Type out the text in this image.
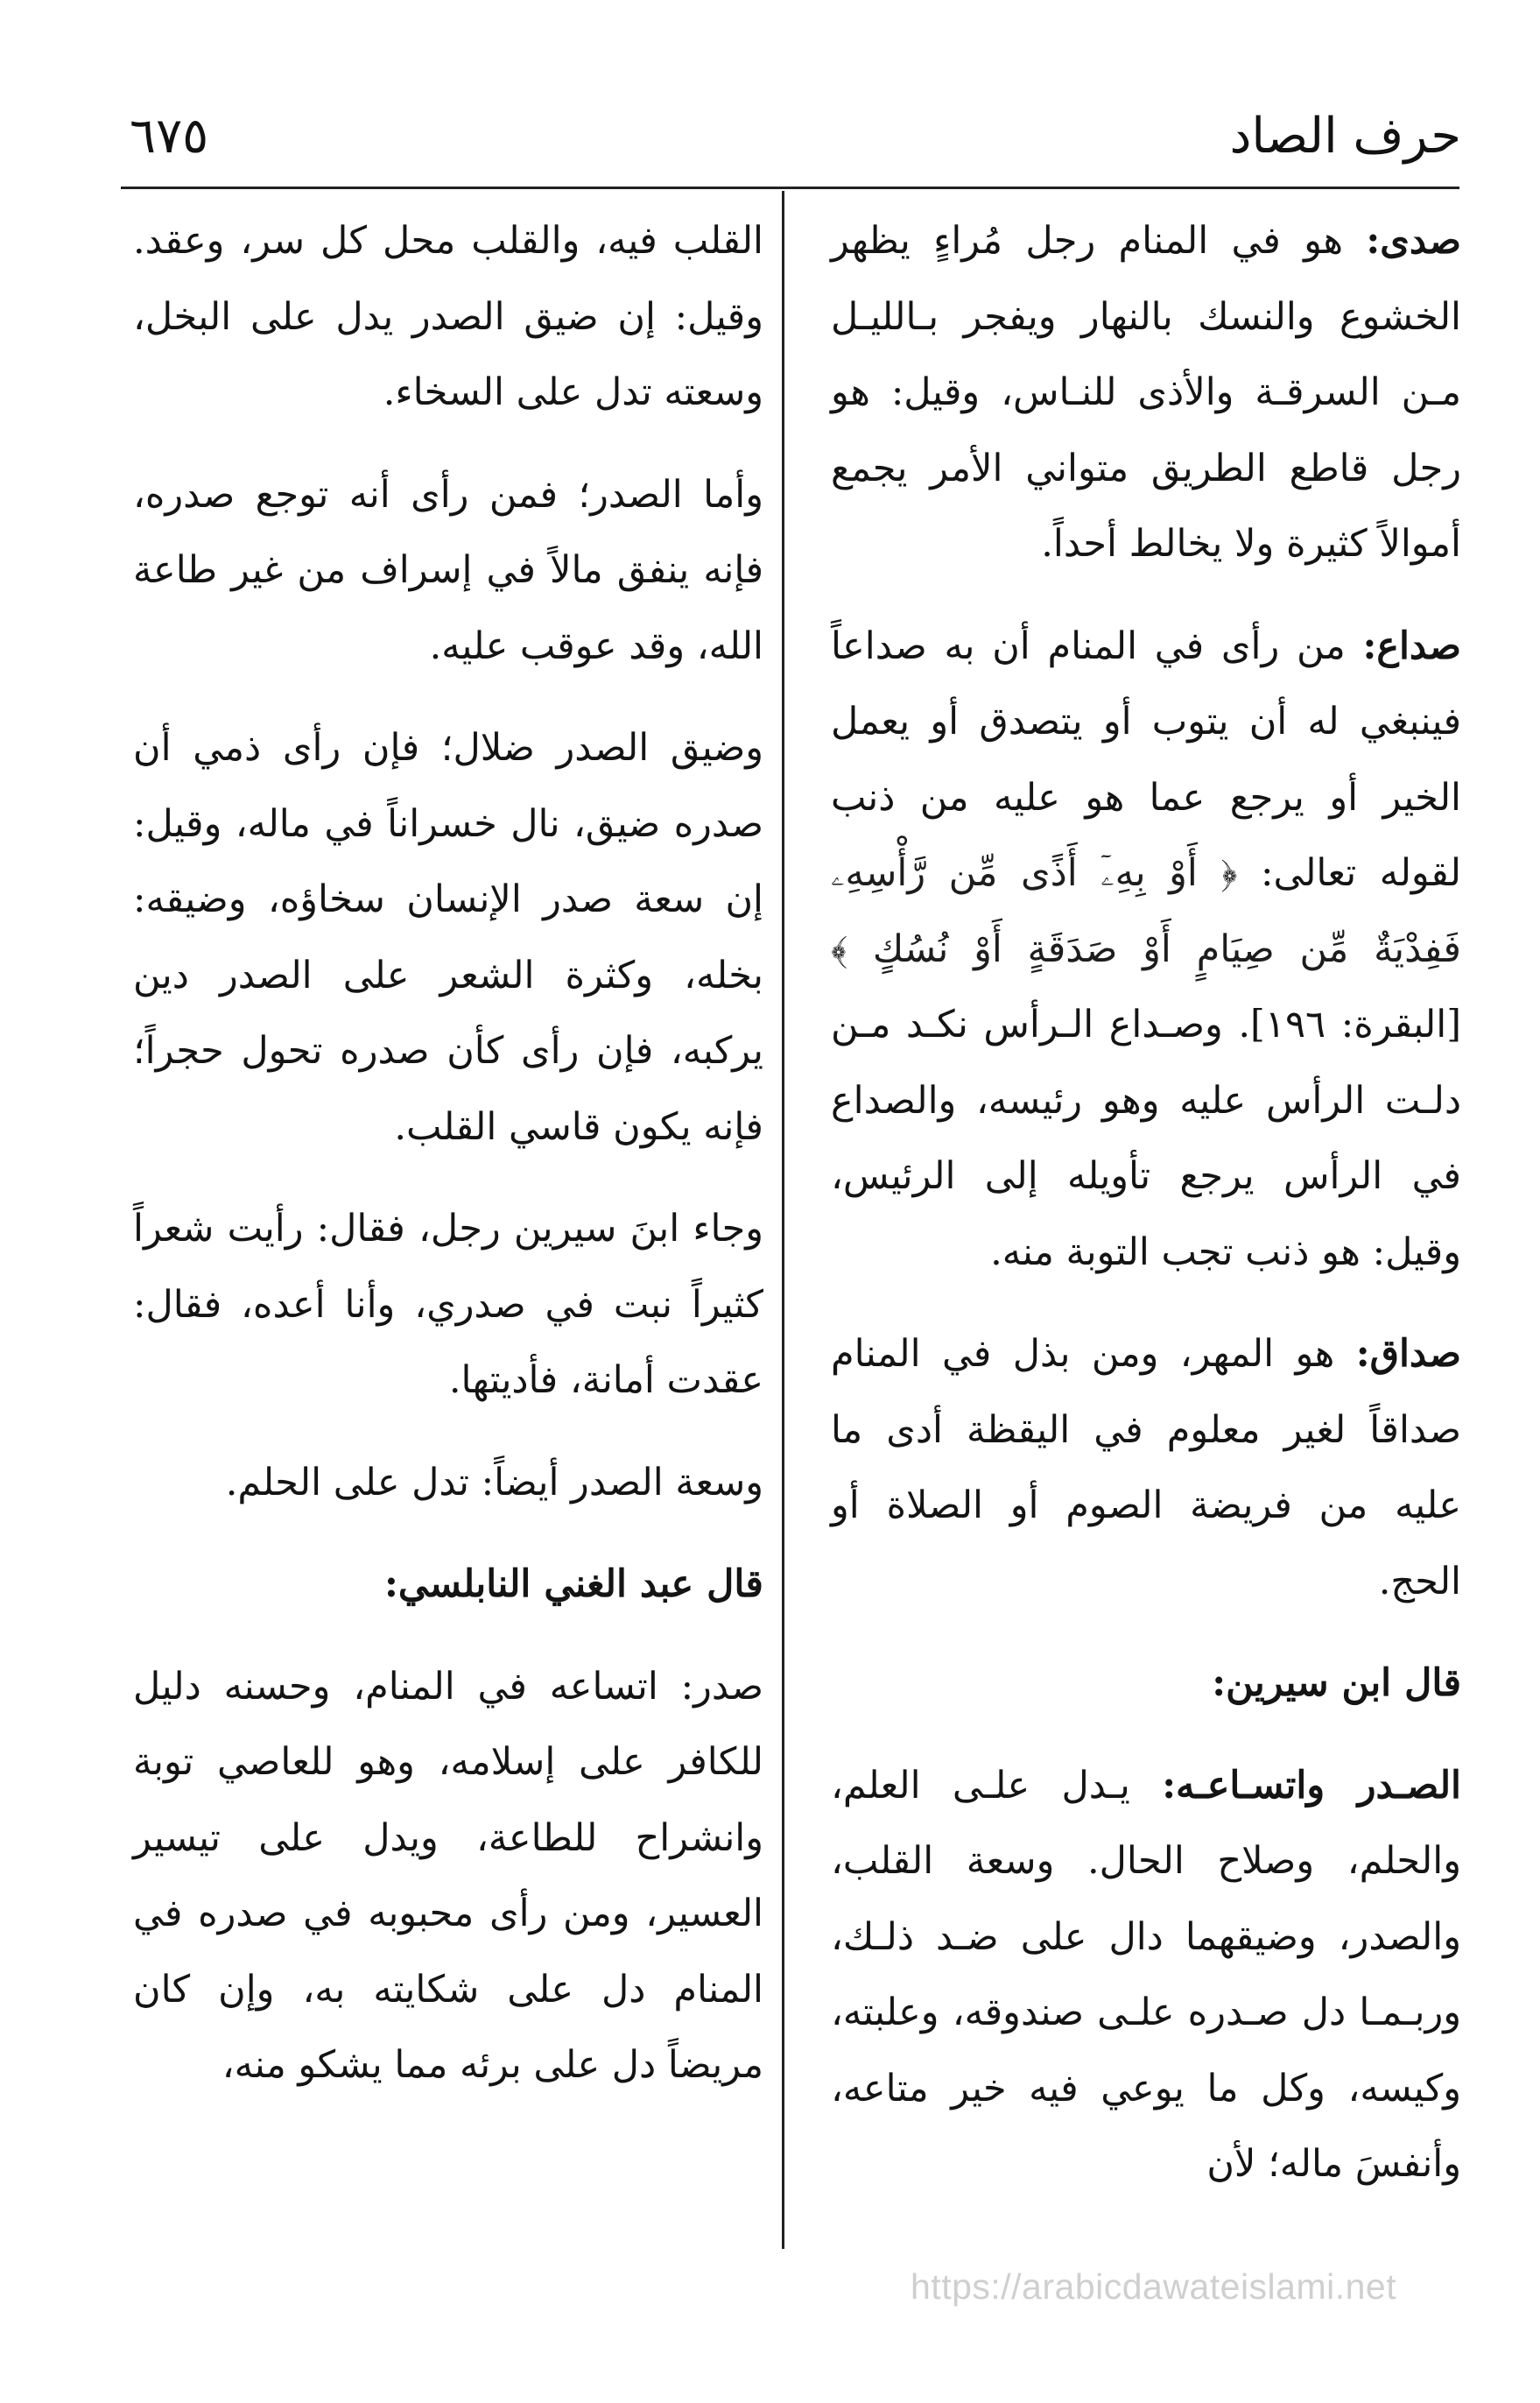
٦٧٥	حرف الصاد

صدى: هو في المنام رجل مُراءٍ يظهر الخشوع والنسك بالنهار ويفجر بـالليـل مـن السرقـة والأذى للنـاس، وقيل: هو رجل قاطع الطريق متواني الأمر يجمع أموالاً كثيرة ولا يخالط أحداً.

صداع: من رأى في المنام أن به صداعاً فينبغي له أن يتوب أو يتصدق أو يعمل الخير أو يرجع عما هو عليه من ذنب لقوله تعالى: ﴿ أَوْ بِهِۦٓ أَذًى مِّن رَّأْسِهِۦ فَفِدْيَةٌ مِّن صِيَامٍ أَوْ صَدَقَةٍ أَوْ نُسُكٍ ﴾ [البقرة: ١٩٦]. وصـداع الـرأس نكـد مـن دلـت الرأس عليه وهو رئيسه، والصداع في الرأس يرجع تأويله إلى الرئيس، وقيل: هو ذنب تجب التوبة منه.

صداق: هو المهر، ومن بذل في المنام صداقاً لغير معلوم في اليقظة أدى ما عليه من فريضة الصوم أو الصلاة أو الحج.

قال ابن سيرين:

الصـدر واتسـاعـه: يـدل علـى العلم، والحلم، وصلاح الحال. وسعة القلب، والصدر، وضيقهما دال على ضـد ذلـك، وربـمـا دل صـدره علـى صندوقه، وعلبته، وكيسه، وكل ما يوعي فيه خير متاعه، وأنفسَ ماله؛ لأن

القلب فيه، والقلب محل كل سر، وعقد. وقيل: إن ضيق الصدر يدل على البخل، وسعته تدل على السخاء.

وأما الصدر؛ فمن رأى أنه توجع صدره، فإنه ينفق مالاً في إسراف من غير طاعة الله، وقد عوقب عليه.

وضيق الصدر ضلال؛ فإن رأى ذمي أن صدره ضيق، نال خسراناً في ماله، وقيل: إن سعة صدر الإنسان سخاؤه، وضيقه: بخله، وكثرة الشعر على الصدر دين يركبه، فإن رأى كأن صدره تحول حجراً؛ فإنه يكون قاسي القلب.

وجاء ابنَ سيرين رجل، فقال: رأيت شعراً كثيراً نبت في صدري، وأنا أعده، فقال: عقدت أمانة، فأديتها.

وسعة الصدر أيضاً: تدل على الحلم.

قال عبد الغني النابلسي:

صدر: اتساعه في المنام، وحسنه دليل للكافر على إسلامه، وهو للعاصي توبة وانشراح للطاعة، ويدل على تيسير العسير، ومن رأى محبوبه في صدره في المنام دل على شكايته به، وإن كان مريضاً دل على برئه مما يشكو منه،

https://arabicdawateislami.net
